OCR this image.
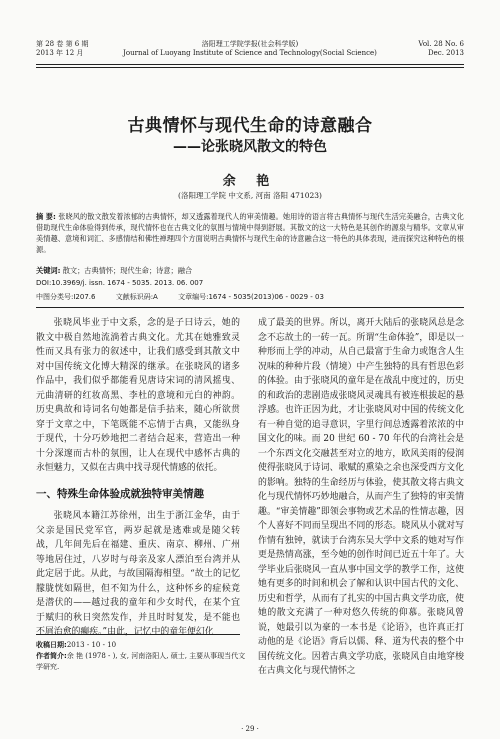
第 28 卷 第 6 期
2013 年 12 月
洛阳理工学院学报(社会科学版)
Journal of Luoyang Institute of Science and Technology(Social Science)
Vol. 28 No. 6
Dec. 2013
古典情怀与现代生命的诗意融合
——论张晓风散文的特色
余 艳
(洛阳理工学院 中文系, 河南 洛阳 471023)
摘 要: 张晓风的散文散发着浓郁的古典情怀，却又透露着现代人的审美情趣。她用诗的语言将古典情怀与现代生活完美融合，古典文化借助现代生命体验得到传承，现代情怀也在古典文化的氛围与情境中得到舒展。其散文的这一大特色是其创作的源泉与精华。文章从审美情趣、意境和词汇、多感情结和佛性禅理四个方面说明古典情怀与现代生命的诗意融合这一特色的具体表现，进而探究这种特色的根源。
关键词: 散文；古典情怀；现代生命；诗意；融合
DOI:10.3969/j. issn. 1674 - 5035. 2013. 06. 007
中图分类号:I207.6	文献标识码:A	文章编号:1674 - 5035(2013)06 - 0029 - 03

张晓风毕业于中文系，念的是子曰诗云，她的散文中极自然地流淌着古典文化。尤其在她雅致灵性而又具有张力的叙述中，让我们感受到其散文中对中国传统文化博大精深的继承。在张晓风的诸多作品中，我们似乎都能看见唐诗宋词的清风摇曳、元曲清研的红妆高黑、李杜的意境和元白的神韵。历史典故和诗词名句她都是信手拈来，随心所欲贯穿于文章之中，下笔既能不忘情于古典，又能纵身于现代，十分巧妙地把二者结合起来，营造出一种十分深邃而古朴的氛围，让人在现代中感怀古典的永恒魅力，又似在古典中找寻现代情感的依托。

一、特殊生命体验成就独特审美情趣

张晓风本籍江苏徐州，出生于浙江金华，由于父亲是国民党军官，两岁起就是逃难或是随父转战，几年间先后在福建、重庆、南京、柳州、广州等地居住过，八岁时与母亲及家人漂泊至台湾并从此定居于此。从此，与故国隔海相望。“故土的记忆朦胧恍如隔世，但不知为什么，这种怀乡的症候竟是潜伏的——越过我的童年和少女时代，在某个宜于赋归的秋日突然发作，并且时时复发，是不能也不屑治愈的癫疾。”由此，记忆中的童年便幻化

收稿日期:2013 - 10 - 10
作者简介:余 艳 (1978 - ), 女, 河南洛阳人, 硕士, 主要从事现当代文学研究.

成了最美的世界。所以，离开大陆后的张晓风总是念念不忘故土的一砖一瓦。所谓“生命体验”，即是以一种形而上学的冲动，从自己最富于生命力或饱含人生况味的种种片段（情境）中产生独特的具有哲思色彩的体验。由于张晓风的童年是在战乱中度过的，历史的和政治的悲剧造成张晓风灵魂具有被连根拔起的悬浮感。也许正因为此，才让张晓风对中国的传统文化有一种自觉的追寻意识，字里行间总透露着浓浓的中国文化的味。而 20 世纪 60 - 70 年代的台湾社会是一个东西文化交融甚至对立的地方，欧风美雨的侵润使得张晓风于诗词、歌赋的熏染之余也深受西方文化的影响。独特的生命经历与体验，使其散文将古典文化与现代情怀巧妙地融合，从而产生了独特的审美情趣。“审美情趣”即领会事物或艺术品的性情志趣，因个人喜好不同而呈现出不同的形态。晓风从小就对写作情有独钟，就读于台湾东吴大学中文系的她对写作更是热情高涨，至今她的创作时间已近五十年了。大学毕业后张晓风一直从事中国文学的教学工作，这使她有更多的时间和机会了解和认识中国古代的文化、历史和哲学，从而有了扎实的中国古典文学功底，使她的散文充满了一种对悠久传统的仰慕。张晓风曾说，她最引以为豪的一本书是《论语》，也许真正打动他的是《论语》背后以儒、释、道为代表的整个中国传统文化。因着古典文学功底，张晓风自由地穿梭在古典文化与现代情怀之

· 29 ·
